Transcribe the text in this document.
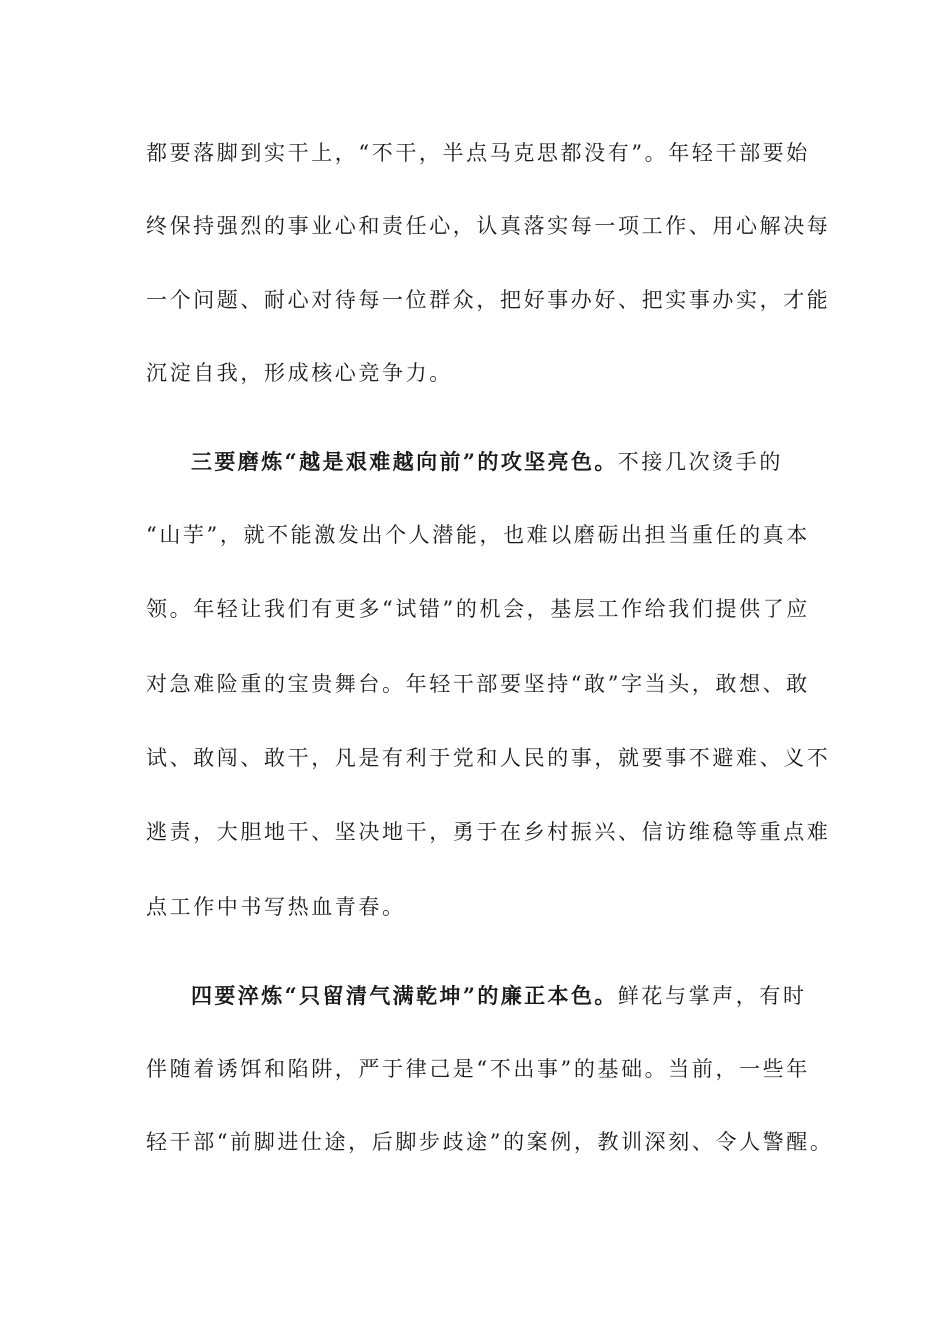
都要落脚到实干上，“不干，半点马克思都没有”。年轻干部要始
终保持强烈的事业心和责任心，认真落实每一项工作、用心解决每
一个问题、耐心对待每一位群众，把好事办好、把实事办实，才能
沉淀自我，形成核心竞争力。
三要磨炼“越是艰难越向前”的攻坚亮色。不接几次烫手的
“山芋”，就不能激发出个人潜能，也难以磨砺出担当重任的真本
领。年轻让我们有更多“试错”的机会，基层工作给我们提供了应
对急难险重的宝贵舞台。年轻干部要坚持“敢”字当头，敢想、敢
试、敢闯、敢干，凡是有利于党和人民的事，就要事不避难、义不
逃责，大胆地干、坚决地干，勇于在乡村振兴、信访维稳等重点难
点工作中书写热血青春。
四要淬炼“只留清气满乾坤”的廉正本色。鲜花与掌声，有时
伴随着诱饵和陷阱，严于律己是“不出事”的基础。当前，一些年
轻干部“前脚进仕途，后脚步歧途”的案例，教训深刻、令人警醒。
